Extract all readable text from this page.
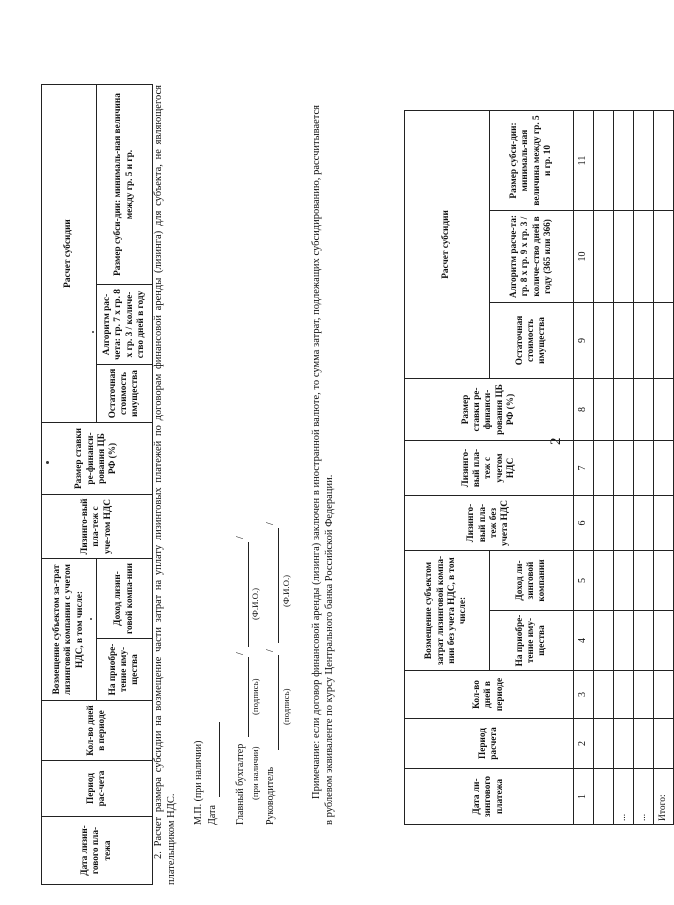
2
Дата ли-зингового платежа	Период расчета	Кол-во дней в периоде	Возмещение субъектом затрат лизинговой компа-нии без учета НДС, в том числе:		Лизинго-вый пла-теж без учета НДС	Лизинго-вый пла-теж с учетом НДС	Размер ставки ре-финанси-рования ЦБ РФ (%)	Расчет субсидии		
			На приобре-тение иму-щества	Доход ли-зинговой компании				Остаточная стоимость имущества	Алгоритм расче-та: гр. 8 х гр. 9 х гр. 3 / количе-ство дней в году (365 или 366)	Размер субси-дии: минималь-ная величина между гр. 5 и гр. 10
1	2	3	4	5	6	7	8	9	10	11

...										
...										
Итого:										
Примечание: если договор финансовой аренды (лизинга) заключен в иностранной валюте, то сумма затрат, подлежащих субсидированию, рассчитывается в рублевом эквиваленте по курсу Центрального банка Российской Федерации.
Руководитель
/
/
(подпись)
(Ф.И.О.)
Главный бухгалтер
/
/
(при наличии)
(подпись)
(Ф.И.О.)
Дата
М.П. (при наличии)
2. Расчет размера субсидии на возмещение части затрат на уплату лизинговых платежей по договорам финансовой аренды (лизинга) для субъекта, не являющегося плательщиком НДС.
Дата лизин-гового пла-тежа	Период рас-чета	Кол-во дней в периоде	Возмещение субъектом за-трат лизинговой компании с учетом НДС, в том числе:		Лизинго-вый пла-теж с уче-том НДС	Размер ставки ре-финанси-рования ЦБ РФ (%)	Расчет субсидии		
			На приобре-тение иму-щества	Доход лизин-говой компа-нии			Остаточная стоимость имущества	Алгоритм рас-чета: гр. 7 х гр. 8 х гр. 3 / количе-ство дней в году	Размер субси-дии: минималь-ная величина между гр. 5 и гр.
